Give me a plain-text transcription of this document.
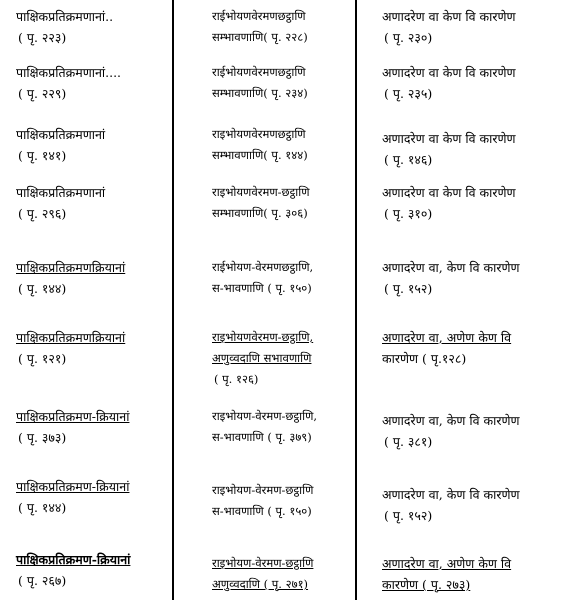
पाक्षिकप्रतिक्रमणानां..
( पृ. २२३)
राईभोयणवेरमणछट्ठाणि
सम्भावणाणि( पृ. २२८)
अणादरेण वा केण वि कारणेण
( पृ. २३०)
पाक्षिकप्रतिक्रमणानां....
( पृ. २२९)
राईभोयणवेरमणछट्ठाणि
सम्भावणाणि( पृ. २३४)
अणादरेण वा केण वि कारणेण
( पृ. २३५)
पाक्षिकप्रतिक्रमणानां
( पृ. १४१)
राइभोयणवेरमणछट्ठाणि
सम्भावणाणि( पृ. १४४)
अणादरेण वा केण वि कारणेण
( पृ. १४६)
पाक्षिकप्रतिक्रमणानां
( पृ. २९६)
राइभोयणवेरमण-छट्ठाणि
सम्भावणाणि( पृ. ३०६)
अणादरेण वा केण वि कारणेण
( पृ. ३१०)
पाक्षिकप्रतिक्रमणक्रियानां
( पृ. १४४)
राईभोयण-वेरमणछट्ठाणि,
स-भावणाणि ( पृ. १५०)
अणादरेण वा, केण वि कारणेण
( पृ. १५२)
पाक्षिकप्रतिक्रमणक्रियानां
( पृ. १२१)
राइभोयणवेरमण-छट्ठाणि,
अणुव्वदाणि सभावणाणि
( पृ. १२६)
अणादरेण वा, अणेण केण वि
कारणेण ( पृ.१२८)
पाक्षिकप्रतिक्रमण-क्रियानां
( पृ. ३७३)
राइभोयण-वेरमण-छट्ठाणि,
स-भावणाणि ( पृ. ३७९)
अणादरेण वा, केण वि कारणेण
( पृ. ३८१)
पाक्षिकप्रतिक्रमण-क्रियानां
( पृ. १४४)
राइभोयण-वेरमण-छट्ठाणि
स-भावणाणि ( पृ. १५०)
अणादरेण वा, केण वि कारणेण
( पृ. १५२)
पाक्षिकप्रतिक्रमण-क्रियानां
( पृ. २६७)
राइभोयण-वेरमण-छट्ठाणि
अणुव्वदाणि ( पृ. २७१)
अणादरेण वा, अणेण केण वि
कारणेण ( पृ. २७३)
